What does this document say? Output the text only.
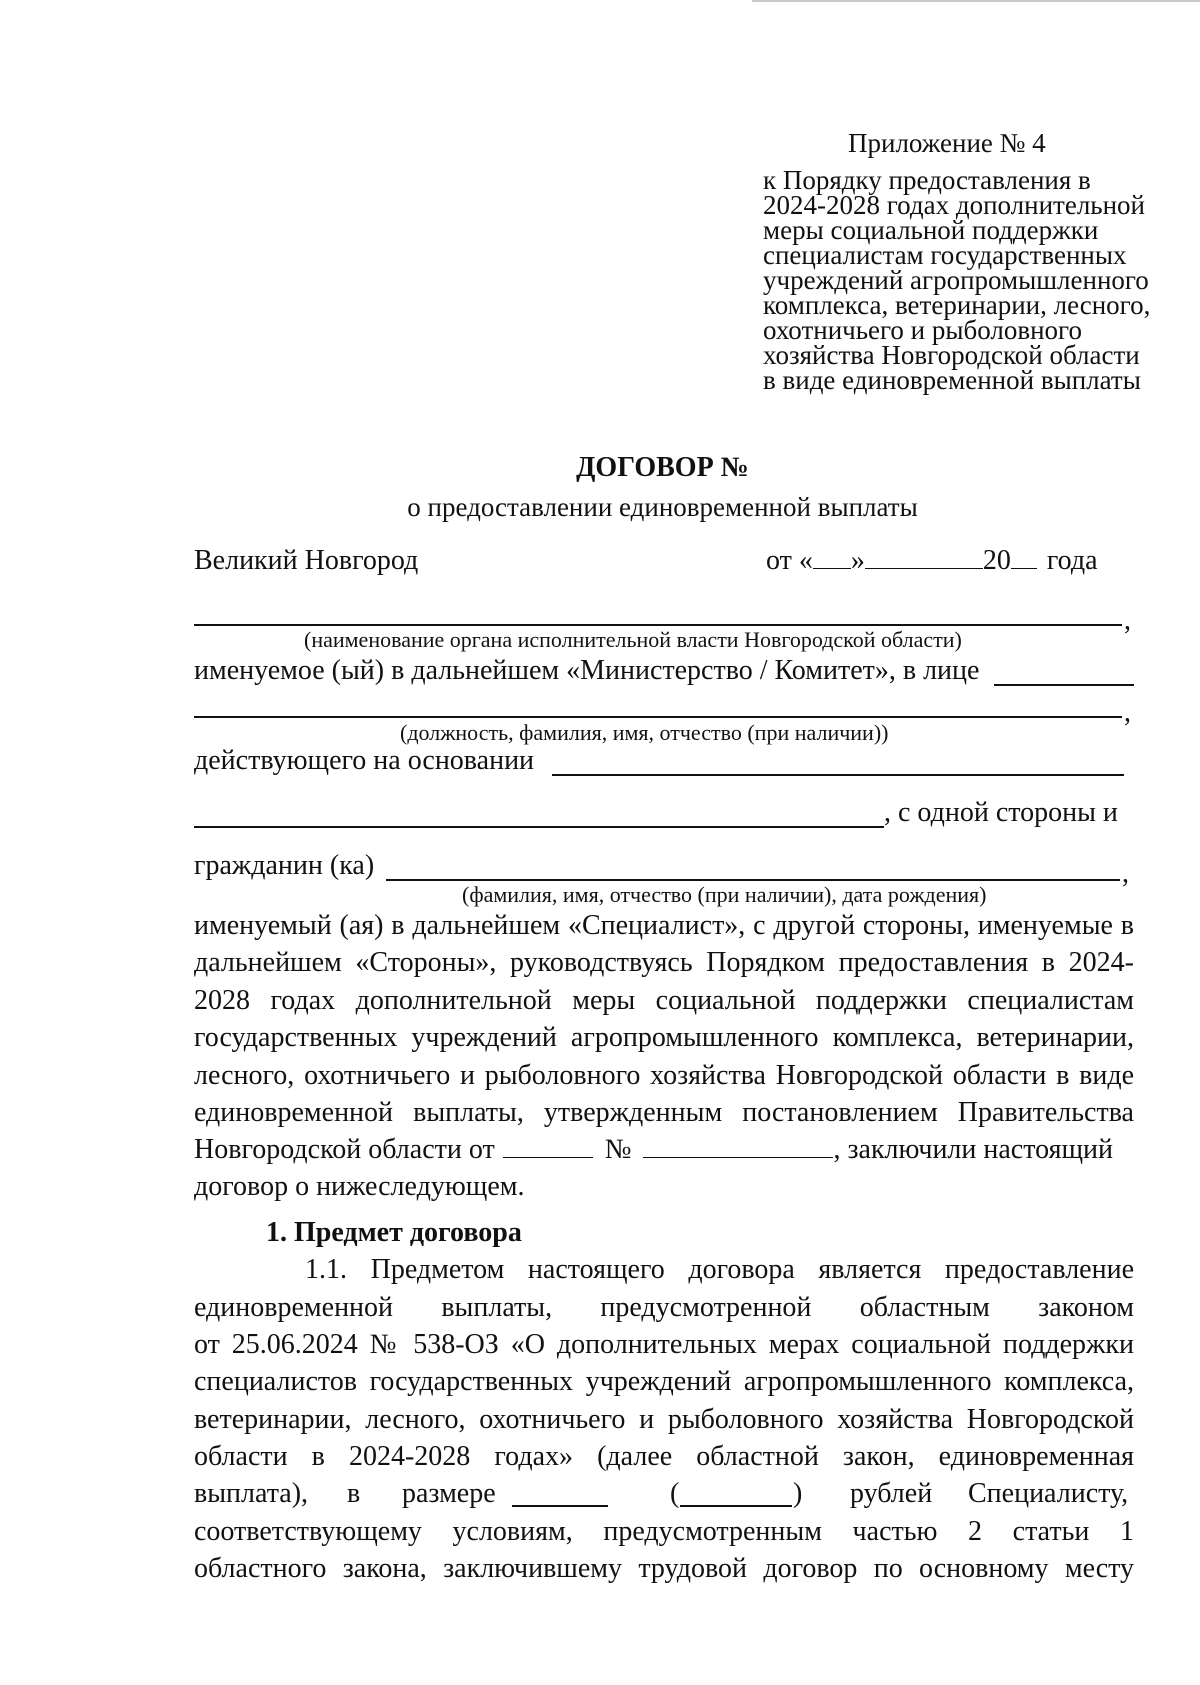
Приложение № 4
к Порядку предоставления в
2024-2028 годах дополнительной
меры социальной поддержки
специалистам государственных
учреждений агропромышленного
комплекса, ветеринарии, лесного,
охотничьего и рыболовного
хозяйства Новгородской области
в виде единовременной выплаты
ДОГОВОР №
о предоставлении единовременной выплаты
Великий Новгород	от « »	20 года
,
(наименование органа исполнительной власти Новгородской области)
именуемое (ый) в дальнейшем «Министерство / Комитет», в лице
,
(должность, фамилия, имя, отчество (при наличии))
действующего на основании
, с одной стороны и
гражданин (ка)	,
(фамилия, имя, отчество (при наличии), дата рождения)
именуемый (ая) в дальнейшем «Специалист», с другой стороны, именуемые в
дальнейшем «Стороны», руководствуясь Порядком предоставления в 2024-
2028 годах дополнительной меры социальной поддержки специалистам
государственных учреждений агропромышленного комплекса, ветеринарии,
лесного, охотничьего и рыболовного хозяйства Новгородской области в виде
единовременной выплаты, утвержденным постановлением Правительства
Новгородской области от	№	, заключили настоящий
договор о нижеследующем.
1. Предмет договора
1.1. Предметом настоящего договора является предоставление
единовременной выплаты, предусмотренной областным законом
от 25.06.2024 № 538-ОЗ «О дополнительных мерах социальной поддержки
специалистов государственных учреждений агропромышленного комплекса,
ветеринарии, лесного, охотничьего и рыболовного хозяйства Новгородской
области в 2024-2028 годах» (далее областной закон, единовременная
выплата), в размере	(	) рублей Специалисту,
соответствующему условиям, предусмотренным частью 2 статьи 1
областного закона, заключившему трудовой договор по основному месту
